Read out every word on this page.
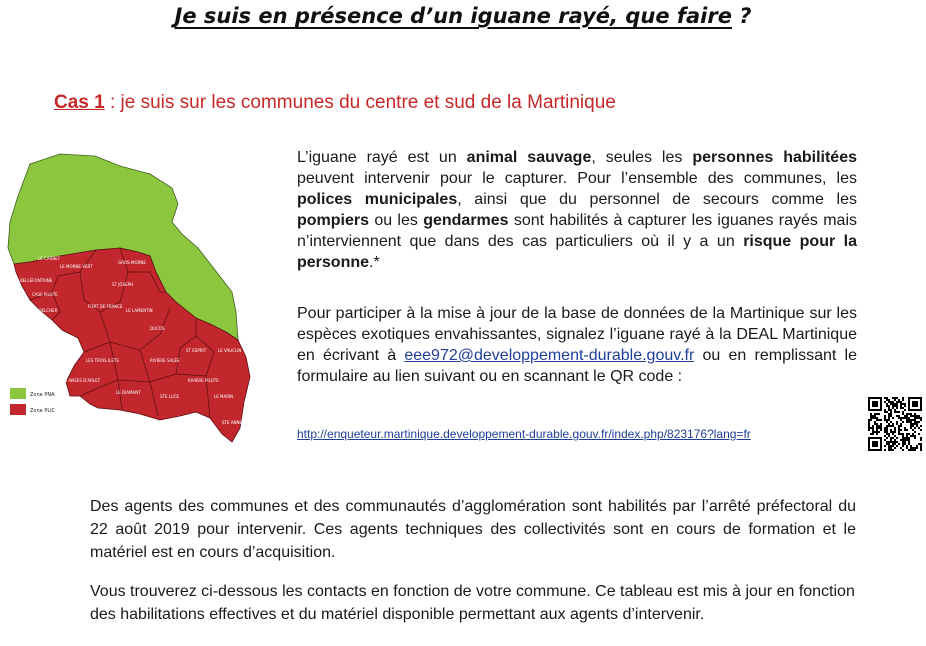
Je suis en présence d’un iguane rayé, que faire ?
Cas 1 : je suis sur les communes du centre et sud de la Martinique
LE CARBET
LE MORNE VERT
BELLEFONTAINE
CASE PILOTE
SCHOELCHER
GROS-MORNE
ST JOSEPH
FORT DE FRANCE
LE LAMENTIN
DUCOS
LES TROIS ILETS	RIVIERE SALEE
ST ESPRIT	LE VAUCLIN
LES ANSES D'ARLET	RIVIERE PILOTE
LE DIAMANT
STE LUCE	LE MARIN
STE ANNE
Zone PNA
Zone PLIC

L’iguane rayé est un animal sauvage, seules les personnes habilitées peuvent intervenir pour le capturer. Pour l’ensemble des communes, les polices municipales, ainsi que du personnel de secours comme les pompiers ou les gendarmes sont habilités à capturer les iguanes rayés mais n’interviennent que dans des cas particuliers où il y a un risque pour la personne.*

Pour participer à la mise à jour de la base de données de la Martinique sur les espèces exotiques envahissantes, signalez l’iguane rayé à la DEAL Martinique en écrivant à eee972@developpement-durable.gouv.fr ou en remplissant le formulaire au lien suivant ou en scannant le QR code :

http://enqueteur.martinique.developpement-durable.gouv.fr/index.php/823176?lang=fr

Des agents des communes et des communautés d’agglomération sont habilités par l’arrêté préfectoral du 22 août 2019 pour intervenir. Ces agents techniques des collectivités sont en cours de formation et le matériel est en cours d’acquisition.

Vous trouverez ci-dessous les contacts en fonction de votre commune. Ce tableau est mis à jour en fonction des habilitations effectives et du matériel disponible permettant aux agents d’intervenir.
